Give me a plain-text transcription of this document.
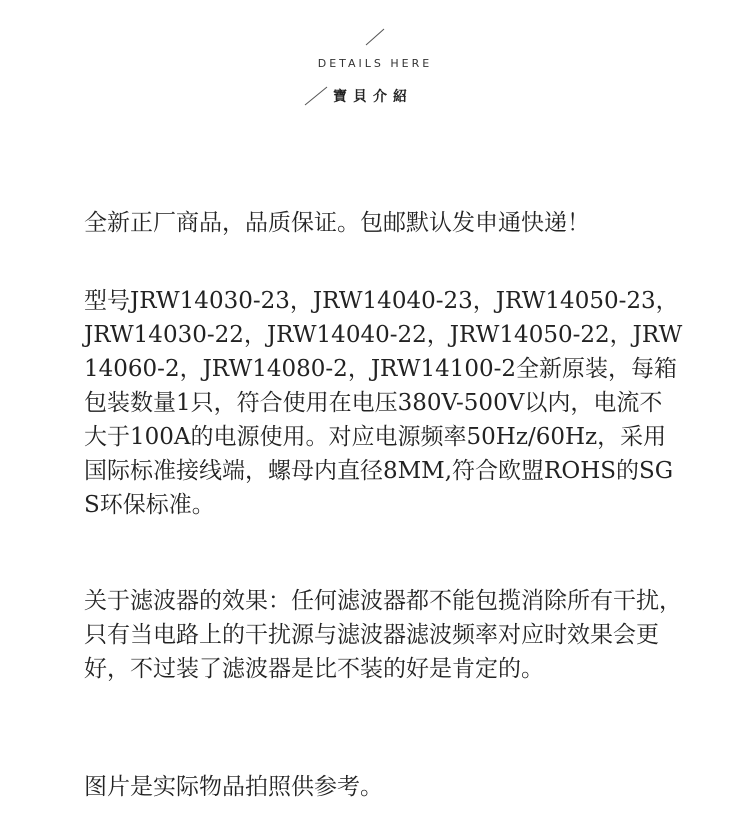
DETAILS HERE
寶貝介紹

全新正厂商品，品质保证。包邮默认发申通快递！

型号JRW14030-23，JRW14040-23，JRW14050-23，JRW14030-22，JRW14040-22，JRW14050-22，JRW14060-2，JRW14080-2，JRW14100-2全新原装，每箱包装数量1只，符合使用在电压380V-500V以内，电流不大于100A的电源使用。对应电源频率50Hz/60Hz，采用国际标准接线端，螺母内直径8MM,符合欧盟ROHS的SGS环保标准。

关于滤波器的效果：任何滤波器都不能包揽消除所有干扰，只有当电路上的干扰源与滤波器滤波频率对应时效果会更好，不过装了滤波器是比不装的好是肯定的。

图片是实际物品拍照供参考。
